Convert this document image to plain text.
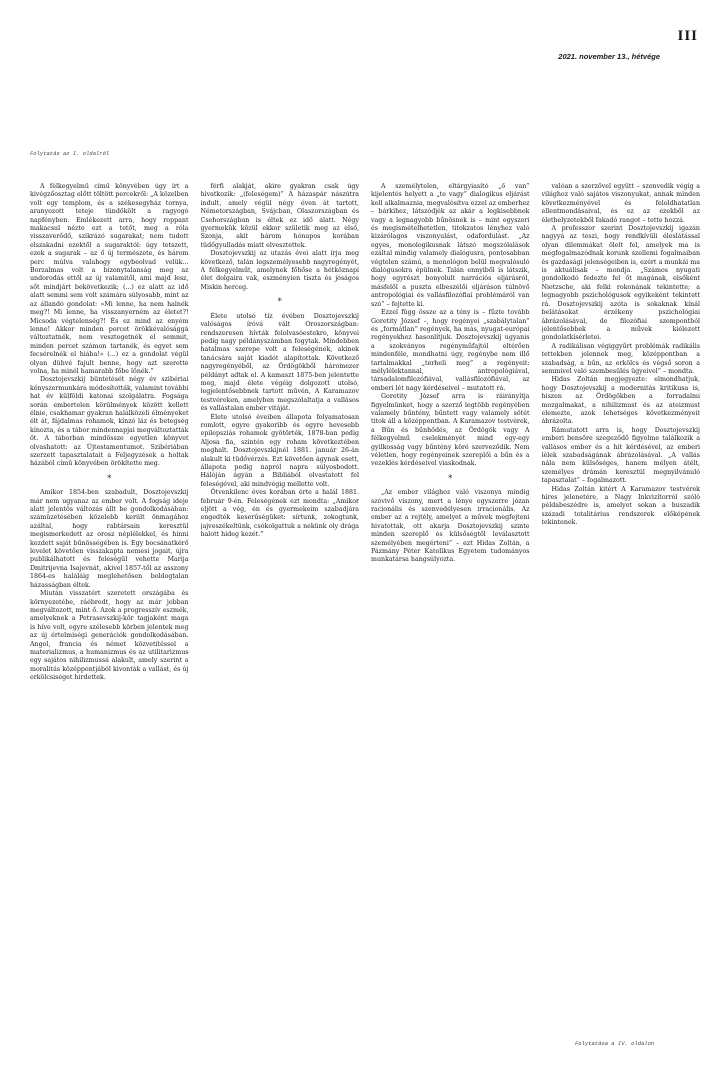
III
2021. november 13., hétvége
Folytatás az I. oldalról

A félkegyelmű című könyvében úgy írt a kivégzőosztag előtt töltött percekről: „A közelben volt egy templom, és a székesegyház tornya, aranyozott teteje tündökölt a ragyogó napfényben. Emlékezett arra, hogy roppant makacsul nézte ezt a tetőt, meg a róla visszaverődő, szikrázó sugarakat; nem tudott elszakadni ezektől a sugaraktól: úgy tetszett, ezek a sugarak – az ő új természete, és három perc múlva valahogy egybeolvad velük... Borzalmas volt a bizonytalanság meg az undorodás ettől az új valamitől, ami majd lesz, sőt mindjárt bekövetkezik; (...) ez alatt az idő alatt semmi sem volt számára súlyosabb, mint az az állandó gondolat: »Mi lenne, ha nem halnék meg?! Mi lenne, ha visszanyerném az életet?! Micsoda végtelenség?! És ez mind az enyém lenne! Akkor minden percet örökkévalósággá változtatnék, nem vesztegetnék el semmit, minden percet számon tartanék, és egyet sem fecsérelnék el hiába!« (...) ez a gondolat végül olyan dühvé fajult benne, hogy azt szerette volna, ha minél hamarabb főbe lőnék.”

Dosztojevszkij büntetését négy év szibériai kényszermunkára módosították, valamint további hat év külföldi katonai szolgálatra. Fogsága során embertelen körülmények között kellett élnie, csakhamar gyakran halálközeli élményeket élt át, fájdalmas rohamok, kínzó láz és betegség kínozta, és a tábor mindennapjai megváltoztatták őt. A táborban mindössze egyetlen könyvet olvashatott: az Újtestamentumot. Szibériában szerzett tapasztalatait a Feljegyzések a holtak házából című könyvében örökítette meg.

*

Amikor 1854-ben szabadult, Dosztojevszkij már nem ugyanaz az ember volt. A fogság ideje alatt jelentős változás állt be gondolkodásában: számüzetésében közelebb került önmagához azáltal, hogy rabtársain keresztül megismerkedett az orosz néplélekkel, és hinni kezdett saját bűnösségében is. Egy bocsánatkérő levelet követően visszakapta nemesi jogait, újra publikálhatott és feleségül vehette Marija Dmitrijevna Isajevnát, akivel 1857-től az asszony 1864-es haláláig meglehetősen boldogtalan házasságban éltek.

Miután visszatért szeretett országába és környezetébe, ráébredt, hogy az már jobban megváltozott, mint ő. Azok a progresszív eszmék, amelyeknek a Petrasevszkij-kör tagjaként maga is híve volt, egyre szélesebb körben jelentek meg az új értelmiségi generációk gondolkodásában. Angol, francia és német közvetítéssel a materializmus, a humanizmus és az utilitarizmus egy sajátos nihilizmussá alakult, amely szerint a moralitás középpontjából kivonták a vallást, és új erkölcsiséget hirdettek.

férfi alakját, akire gyakran csak úgy hivatkozik: „(feleségem)” A házaspár nászútra indult, amely végül négy éven át tartott, Németországban, Svájcban, Olaszországban és Csehországban is éltek ez idő alatt. Négy gyermekük közül ekkor születik meg az első, Szonja, akit három hónapos korában tüdőgyulladás miatt elvesztettek.

Dosztojevszkij az utazás évei alatt írja meg következő, talán legszemélyesebb nagyregényét, A félkegyelműt, amelynek főhőse a hétköznapi élet dolgaira vak, eszményien tiszta és jóságos Miskin herceg.

*

Élete utolsó tíz évében Dosztojevszkij valóságos íróvá vált Oroszországban: rendszeresen hívták felolvasóestekre, könyvei pedig nagy példányszámban fogytak. Mindebben hatalmas szerepe volt a feleségének, akinek tanácsára saját kiadót alapítottak. Következő nagyregényéből, az Ördögökből háromezer példányt adtak el. A kamaszt 1875-ben jelentette meg, majd élete végéig dolgozott utolsó, legjelentősebbnek tartott művén, A Karamazov testvéreken, amelyben megszólaltatja a vallásos és vallástalan ember vitáját.

Élete utolsó éveiben állapota folyamatosan romlott, egyre gyakoribb és egyre hevesebb epilepsziás rohamok gyötörték, 1878-ban pedig Aljosa fia, szintén egy roham következtében meghalt. Dosztojevszkijnél 1881. január 26-án alakult ki tüdővérzés. Ezt követően ágynak esett, állapota pedig napról napra súlyosbodott. Hálóján ágyán a Bibliából olvastatott fel feleségével, aki mindvégig mellette volt.

Ötvenkilenc éves korában érte a halál 1881. február 9-én. Feleségének ezt mondta: „Amikor eljött a vég, én és gyermekeim szabadjára engedték keserűségüket: sírtunk, zokogtunk, jajveszékeltünk, csókolgattuk a nekünk oly drága halott hideg kezét.”

A személytelen, eltárgyiasító „ő van” kijelentés helyett a „te vagy” dialogikus eljárást kell alkalmaznia, megvalósítva ezzel az emberhez – bárkihez, látszódjék az akár a legkisebbnek vagy a legnagyobb bűnösnek is – mint egyszeri és megismételhetetlen, titokzatos lényhez való kizárólagos viszonyulást, odafordulást. „Az egyes, monologikusnak látszó megszólalások ezáltal mindig valamely dialógusra, pontosabban végtelen számú, a monológon belül megvalósuló dialógusokra épülnek. Talán ennyiből is látszik, hogy egyrészt bonyolult narrációs eljárásról, másfelől a puszta elbeszélői eljáráson túlnövő antropológiai és vallásfilozófiai problémáról van szó” – fejtette ki.

Ezzel függ össze az a tény is – fűzte tovább Goretity József –, hogy regényei „szabálytalan” és „formátlan” regények, ha más, nyugat-európai regényekhez hasonlítjuk. Dosztojevszkij ugyanis a szokványos regényműfajtól eltérően mindenféle, mondhatni úgy, regénybe nem illő tartalmakkal „terheli meg” a regényeit: mélylélektannal, antropológiával, társadalomfilozófiával, vallásfilozófiával, az emberi lét nagy kérdéseivel – mutatott rá.

Goretity József arra is ráirányítja figyelmünket, hogy a szerző legtöbb regényében valamely bűntény, bűntett vagy valamely sötét titok áll a középpontban. A Karamazov testvérek, a Bűn és bűnhődés, az Ördögök vagy A félkegyelmű cselekményét mind egy-egy gyilkosság vagy bűntény köré szerveződik. Nem véletlen, hogy regényeinek szereplői a bűn és a vezeklés kérdéseivel viaskodnak.

*

„Az ember világhoz való viszonya mindig szóvivő viszony, mert a lénye egyszerre józan racionális és szenvedélyesen irracionális. Az ember az a rejtély, amelyet a művek megfejteni hivatottak, ott akarja Dosztojevszkij szinte minden szereplő és külsőségtől leválasztott személyében megérteni” – ezt Hidas Zoltán, a Pázmány Péter Katolikus Egyetem tudományos munkatársa hangsúlyozta.

valóan a szerzővel együtt – szenvedik végig a világhoz való sajátos viszonyukat, annak minden következményével és feloldhatatlan ellentmondásaival, és ez az ezekből az élethelyzetekből fakadó rangot – tette hozzá.

A professzor szerint Dosztojevszkij igazán nagyyá az teszi, hogy rendkívüli éleslátással olyan dilemmákat ölelt fel, amelyek ma is megfogalmazódnak korunk szellemi fogalmaiban és gazdasági jelenségeiben is, ezért a munkái ma is aktuálisak – mondja. „Számos nyugati gondolkodó fedezte fel őt magának, elsőként Nietzsche, aki felki rokonának tekintette; a legnagyobb pszichológusok egyikeként tekintett rá. Dosztojevszkij azóta is sokaknak kínál belátásokat érzékeny pszichológiai ábrázolásával, de filozófiai szempontból jelentősebbek a művek kiélezett gondolatkísérletei.

A radikálisan végiggyűrt problémák radikális tettekben jelennek meg, középpontban a szabadság, a bűn, az erkölcs és végső soron a semmivel való szembesülés ügyeivel” – mondta.

Hidas Zoltán megjegyezte: elmondhatjuk, hogy Dosztojevszkij a modernitás kritikusa is, hiszen az Ördögökben a forradalmi mozgalmakat, a nihilizmust és az ateizmust elemezte, azok lehetséges következményeit ábrázolta.

Rámutatott arra is, hogy Dosztojevszkij emberi bensőre szegeződő figyelme találkozik a vallásos ember és a hit kérdésével, az emberi lélek szabadságának ábrázolásával. „A vallás nála nem külsőséges, hanem mélyen átélt, személyes drámán keresztül megnyilvánuló tapasztalat” – fogalmazott.

Hidas Zoltán kitért A Karamazov testvérek híres jelenetére, a Nagy Inkvizítorról szóló példabeszédre is, amelyet sokan a huszadik századi totalitárius rendszerek előképének tekintenek.

Folytatása a IV. oldalon
